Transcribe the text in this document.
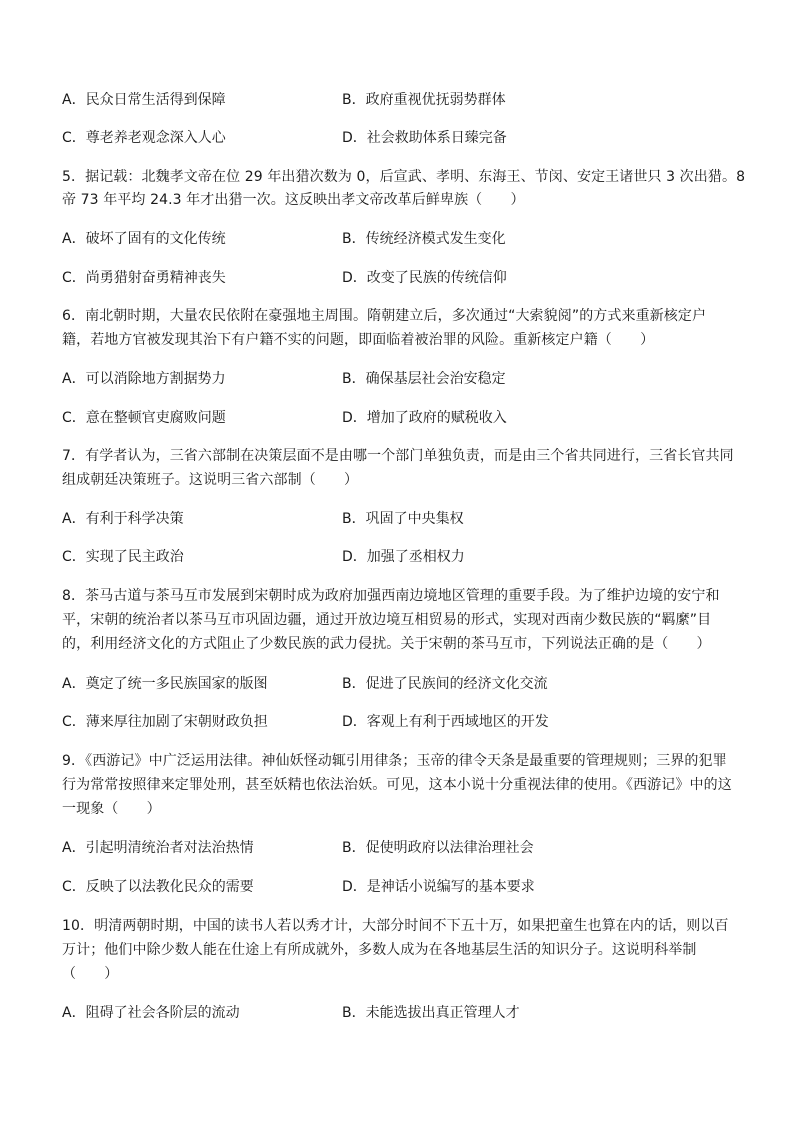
A．民众日常生活得到保障	B．政府重视优抚弱势群体
C．尊老养老观念深入人心	D．社会救助体系日臻完备
5．据记载：北魏孝文帝在位 29 年出猎次数为 0，后宣武、孝明、东海王、节闵、安定王诸世只 3 次出猎。8
帝 73 年平均 24.3 年才出猎一次。这反映出孝文帝改革后鲜卑族（　　）
A．破坏了固有的文化传统	B．传统经济模式发生变化
C．尚勇猎射奋勇精神丧失	D．改变了民族的传统信仰
6．南北朝时期，大量农民依附在豪强地主周围。隋朝建立后，多次通过“大索貌阅”的方式来重新核定户
籍，若地方官被发现其治下有户籍不实的问题，即面临着被治罪的风险。重新核定户籍（　　）
A．可以消除地方割据势力	B．确保基层社会治安稳定
C．意在整顿官吏腐败问题	D．增加了政府的赋税收入
7．有学者认为，三省六部制在决策层面不是由哪一个部门单独负责，而是由三个省共同进行，三省长官共同
组成朝廷决策班子。这说明三省六部制（　　）
A．有利于科学决策	B．巩固了中央集权
C．实现了民主政治	D．加强了丞相权力
8．茶马古道与茶马互市发展到宋朝时成为政府加强西南边境地区管理的重要手段。为了维护边境的安宁和
平，宋朝的统治者以茶马互市巩固边疆，通过开放边境互相贸易的形式，实现对西南少数民族的“羁縻”目
的，利用经济文化的方式阻止了少数民族的武力侵扰。关于宋朝的茶马互市，下列说法正确的是（　　）
A．奠定了统一多民族国家的版图	B．促进了民族间的经济文化交流
C．薄来厚往加剧了宋朝财政负担	D．客观上有利于西域地区的开发
9．《西游记》中广泛运用法律。神仙妖怪动辄引用律条；玉帝的律令天条是最重要的管理规则；三界的犯罪
行为常常按照律来定罪处刑，甚至妖精也依法治妖。可见，这本小说十分重视法律的使用。《西游记》中的这
一现象（　　）
A．引起明清统治者对法治热情	B．促使明政府以法律治理社会
C．反映了以法教化民众的需要	D．是神话小说编写的基本要求
10．明清两朝时期，中国的读书人若以秀才计，大部分时间不下五十万，如果把童生也算在内的话，则以百
万计；他们中除少数人能在仕途上有所成就外，多数人成为在各地基层生活的知识分子。这说明科举制
（　　）
A．阻碍了社会各阶层的流动	B．未能选拔出真正管理人才
